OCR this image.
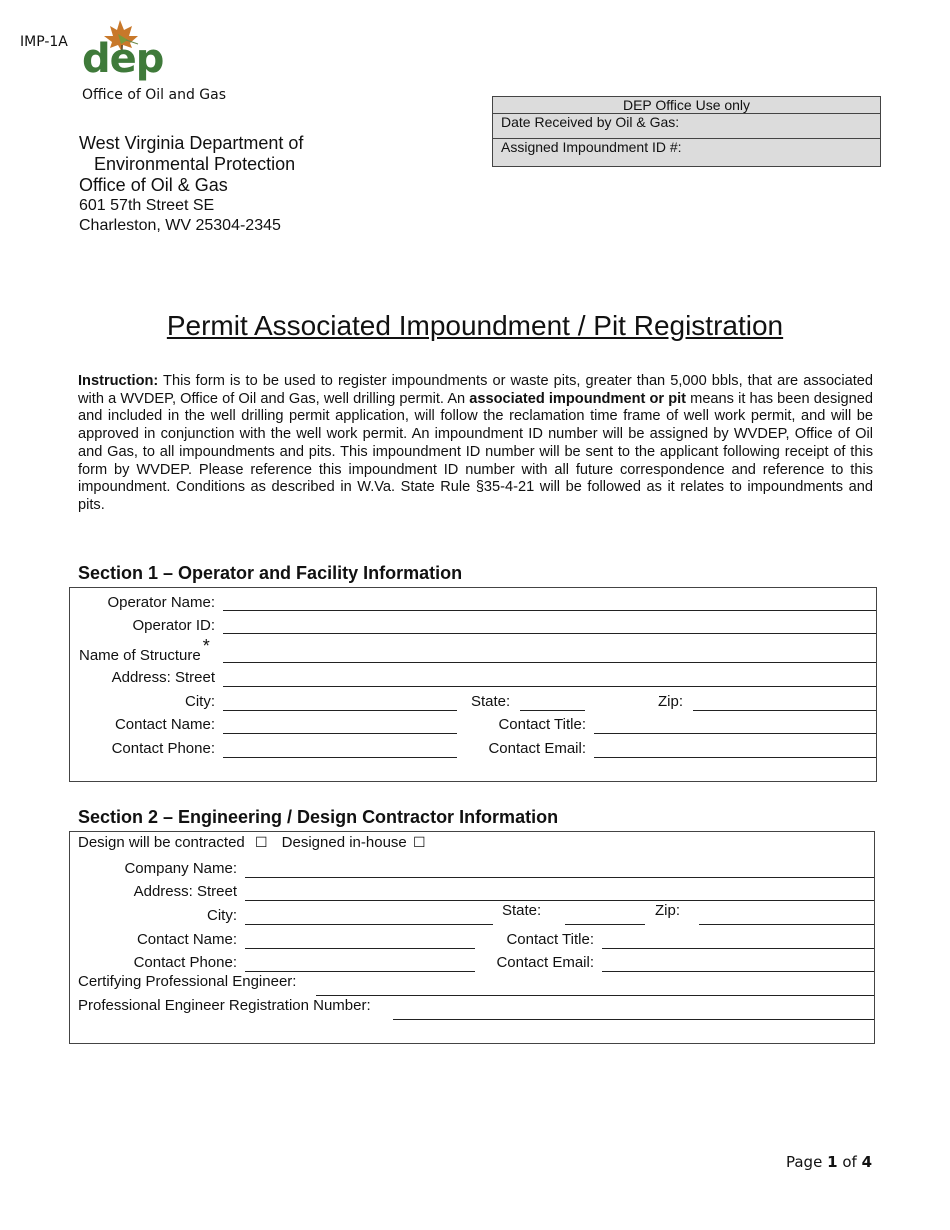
IMP-1A dep
Office of Oil and Gas
West Virginia Department of
Environmental Protection
Office of Oil & Gas
601 57th Street SE
Charleston, WV 25304-2345
DEP Office Use only
Date Received by Oil & Gas:
Assigned Impoundment ID #:
Permit Associated Impoundment / Pit Registration
Instruction: This form is to be used to register impoundments or waste pits, greater than 5,000 bbls, that are associated with a WVDEP, Office of Oil and Gas, well drilling permit. An associated impoundment or pit means it has been designed and included in the well drilling permit application, will follow the reclamation time frame of well work permit, and will be approved in conjunction with the well work permit. An impoundment ID number will be assigned by WVDEP, Office of Oil and Gas, to all impoundments and pits. This impoundment ID number will be sent to the applicant following receipt of this form by WVDEP. Please reference this impoundment ID number with all future correspondence and reference to this impoundment. Conditions as described in W.Va. State Rule §35-4-21 will be followed as it relates to impoundments and pits.
Section 1 – Operator and Facility Information
Operator Name:
Operator ID:
Name of Structure *
Address: Street
City:	State:	Zip:
Contact Name:	Contact Title:
Contact Phone:	Contact Email:
Section 2 – Engineering / Design Contractor Information
Design will be contracted ☐ Designed in-house ☐
Company Name:
Address: Street
City:	State:	Zip:
Contact Name:	Contact Title:
Contact Phone:	Contact Email:
Certifying Professional Engineer:
Professional Engineer Registration Number:
Page 1 of 4
